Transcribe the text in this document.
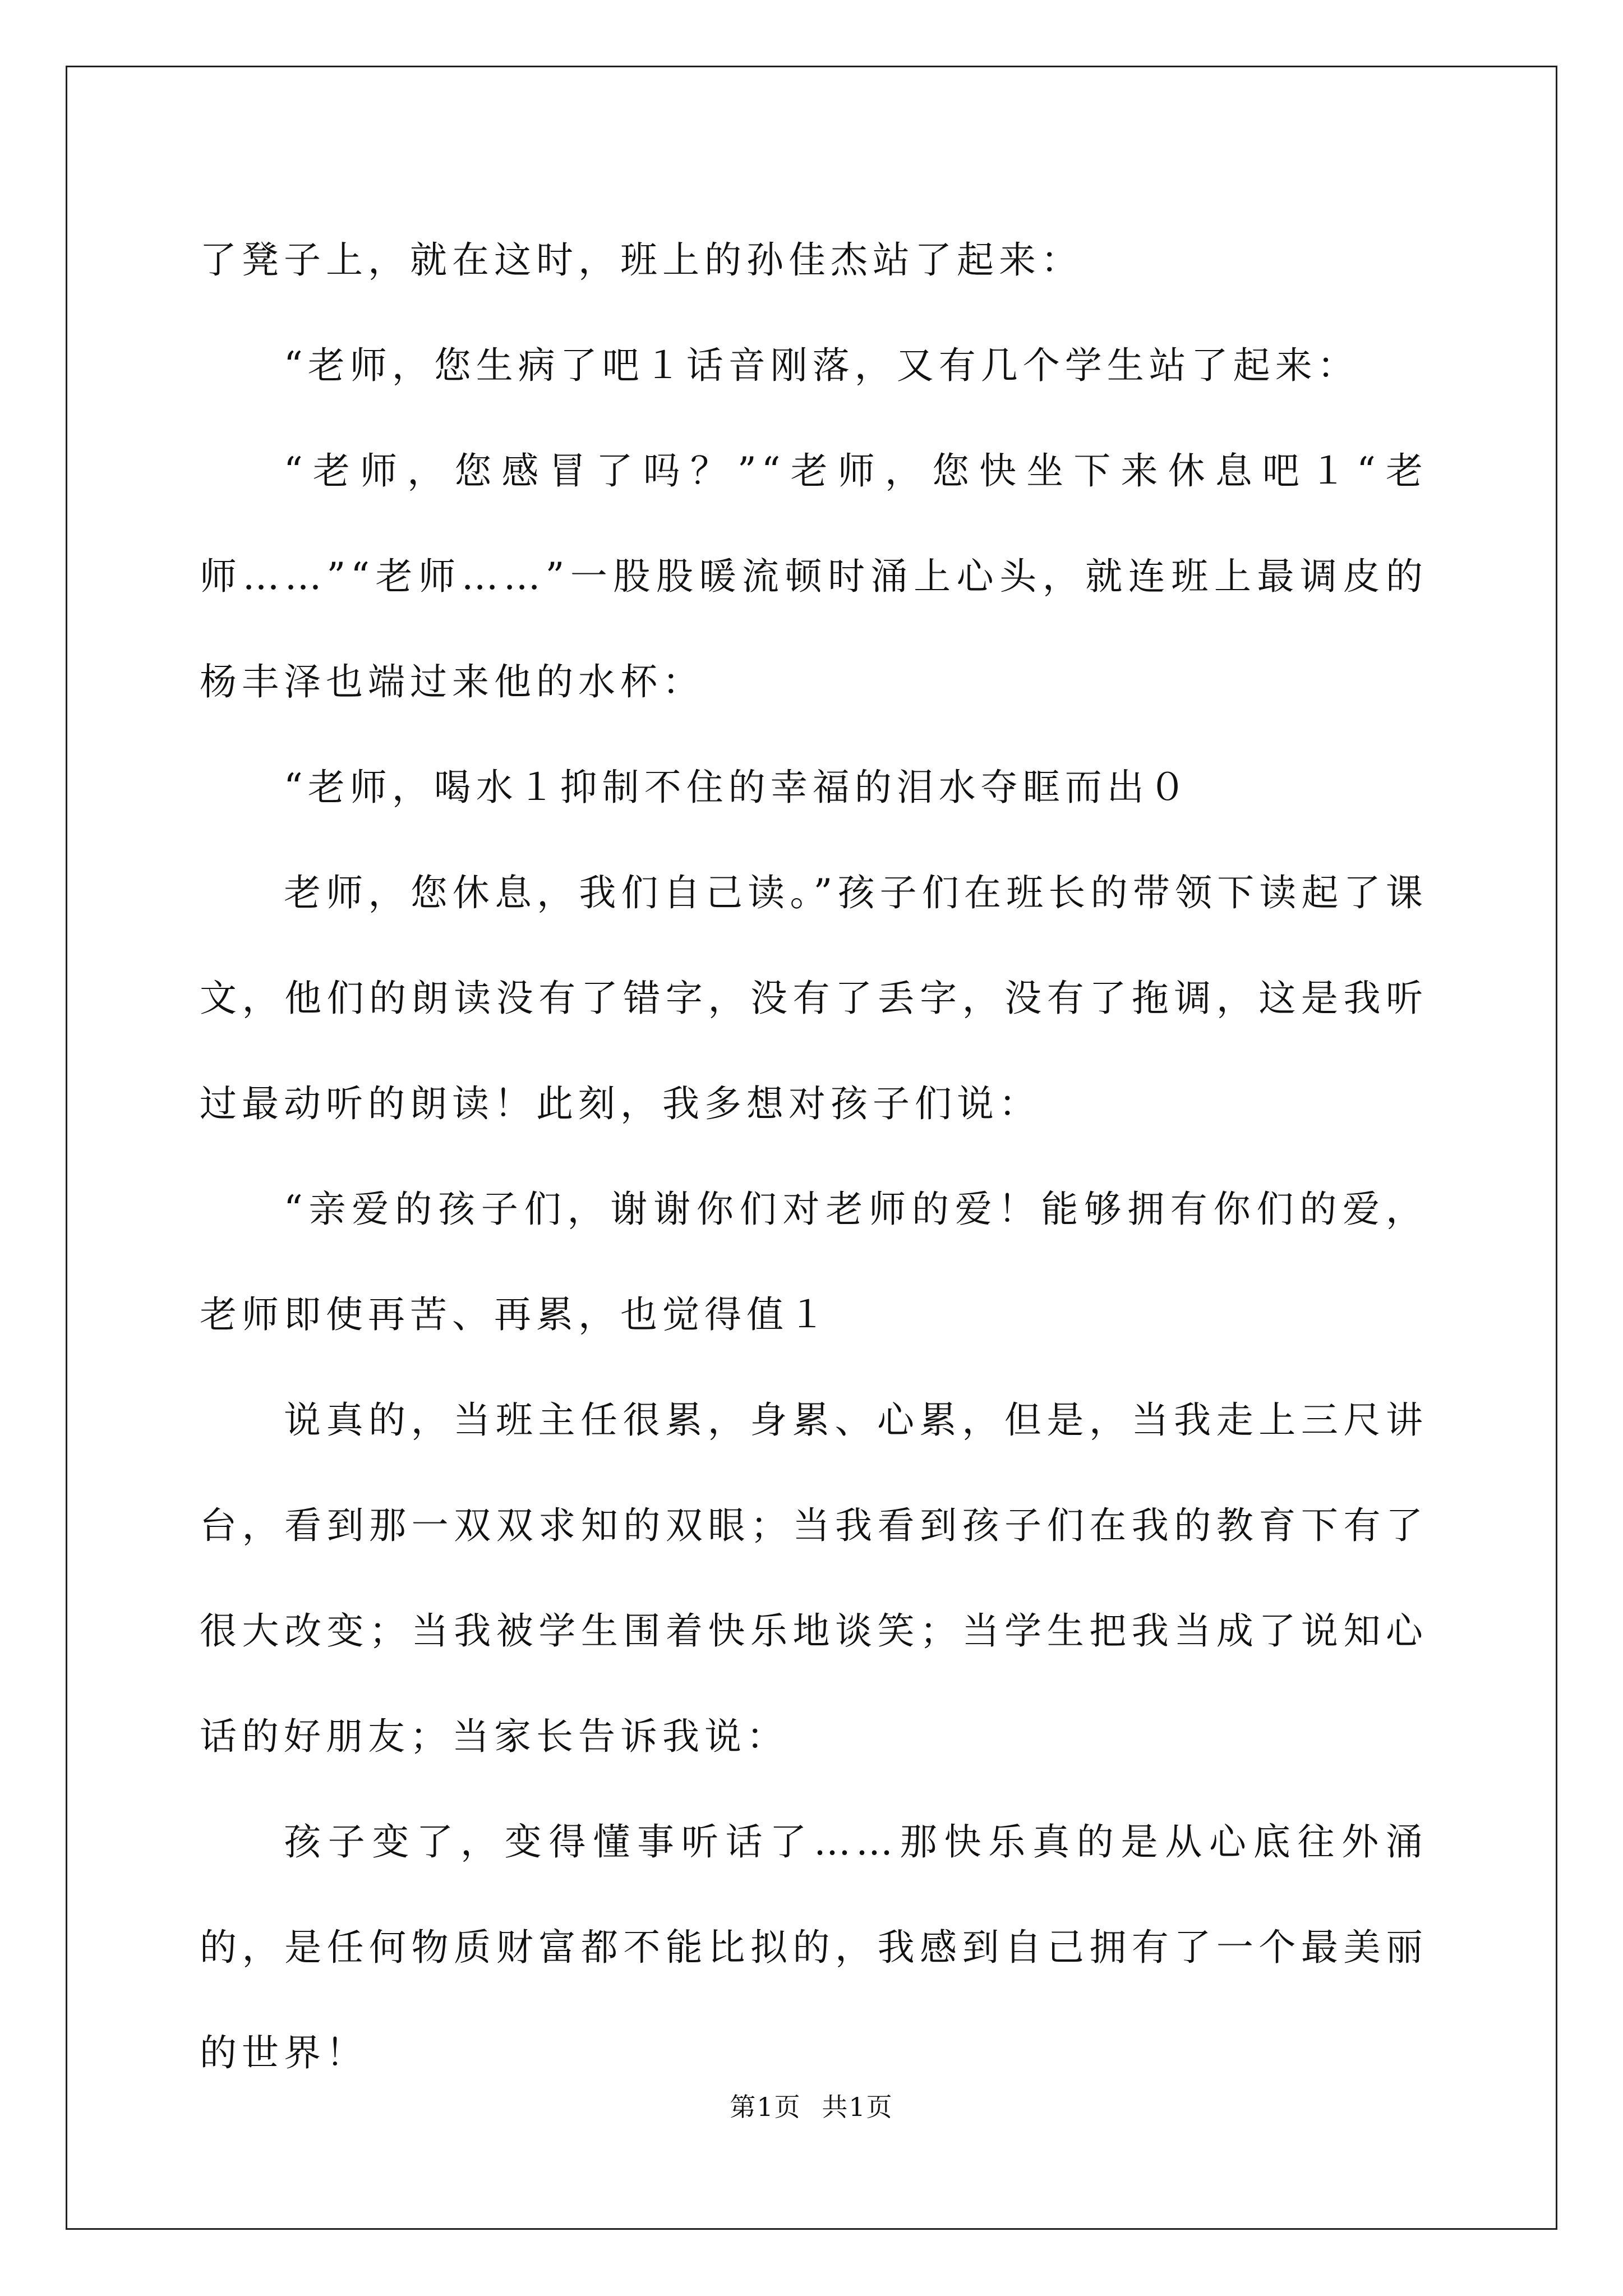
了凳子上，就在这时，班上的孙佳杰站了起来：

“老师，您生病了吧１话音刚落，又有几个学生站了起来：

“老师，您感冒了吗？”“老师，您快坐下来休息吧１“老师……”“老师……”一股股暖流顿时涌上心头，就连班上最调皮的杨丰泽也端过来他的水杯：

“老师，喝水１抑制不住的幸福的泪水夺眶而出０

老师，您休息，我们自己读。”孩子们在班长的带领下读起了课文，他们的朗读没有了错字，没有了丢字，没有了拖调，这是我听过最动听的朗读！此刻，我多想对孩子们说：

“亲爱的孩子们，谢谢你们对老师的爱！能够拥有你们的爱，老师即使再苦、再累，也觉得值１

说真的，当班主任很累，身累、心累，但是，当我走上三尺讲台，看到那一双双求知的双眼；当我看到孩子们在我的教育下有了很大改变；当我被学生围着快乐地谈笑；当学生把我当成了说知心话的好朋友；当家长告诉我说：

孩子变了，变得懂事听话了……那快乐真的是从心底往外涌的，是任何物质财富都不能比拟的，我感到自己拥有了一个最美丽的世界！

第1页 共1页
